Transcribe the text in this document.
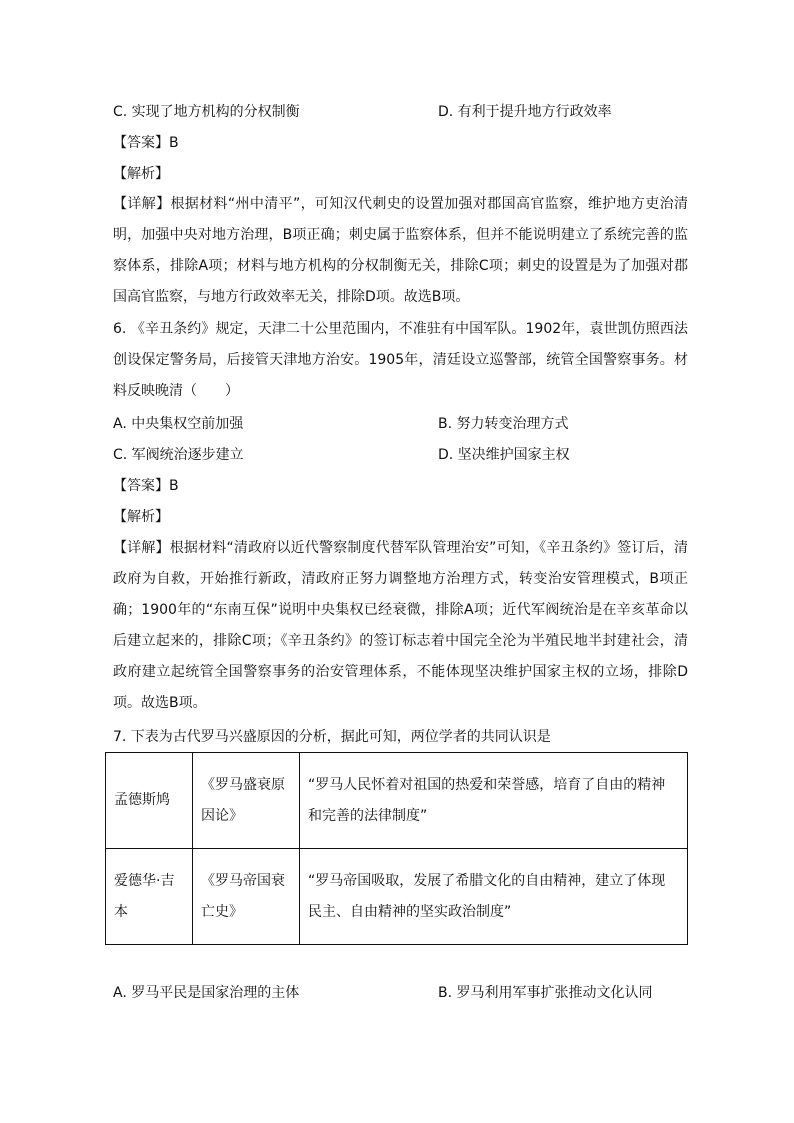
C. 实现了地方机构的分权制衡	D. 有利于提升地方行政效率
【答案】B
【解析】
【详解】根据材料“州中清平”，可知汉代刺史的设置加强对郡国高官监察，维护地方吏治清明，加强中央对地方治理，B项正确；刺史属于监察体系，但并不能说明建立了系统完善的监察体系，排除A项；材料与地方机构的分权制衡无关，排除C项；刺史的设置是为了加强对郡国高官监察，与地方行政效率无关，排除D项。故选B项。
6. 《辛丑条约》规定，天津二十公里范围内，不准驻有中国军队。1902年，袁世凯仿照西法创设保定警务局，后接管天津地方治安。1905年，清廷设立巡警部，统管全国警察事务。材料反映晚清（　　）
A. 中央集权空前加强	B. 努力转变治理方式
C. 军阀统治逐步建立	D. 坚决维护国家主权
【答案】B
【解析】
【详解】根据材料“清政府以近代警察制度代替军队管理治安”可知，《辛丑条约》签订后，清政府为自救，开始推行新政，清政府正努力调整地方治理方式，转变治安管理模式，B项正确；1900年的“东南互保”说明中央集权已经衰微，排除A项；近代军阀统治是在辛亥革命以后建立起来的，排除C项；《辛丑条约》的签订标志着中国完全沦为半殖民地半封建社会，清政府建立起统管全国警察事务的治安管理体系，不能体现坚决维护国家主权的立场，排除D项。故选B项。
7. 下表为古代罗马兴盛原因的分析，据此可知，两位学者的共同认识是
孟德斯鸠	《罗马盛衰原因论》	“罗马人民怀着对祖国的热爱和荣誉感，培育了自由的精神和完善的法律制度”
爱德华·吉本	《罗马帝国衰亡史》	“罗马帝国吸取，发展了希腊文化的自由精神，建立了体现民主、自由精神的坚实政治制度”
A. 罗马平民是国家治理的主体	B. 罗马利用军事扩张推动文化认同
